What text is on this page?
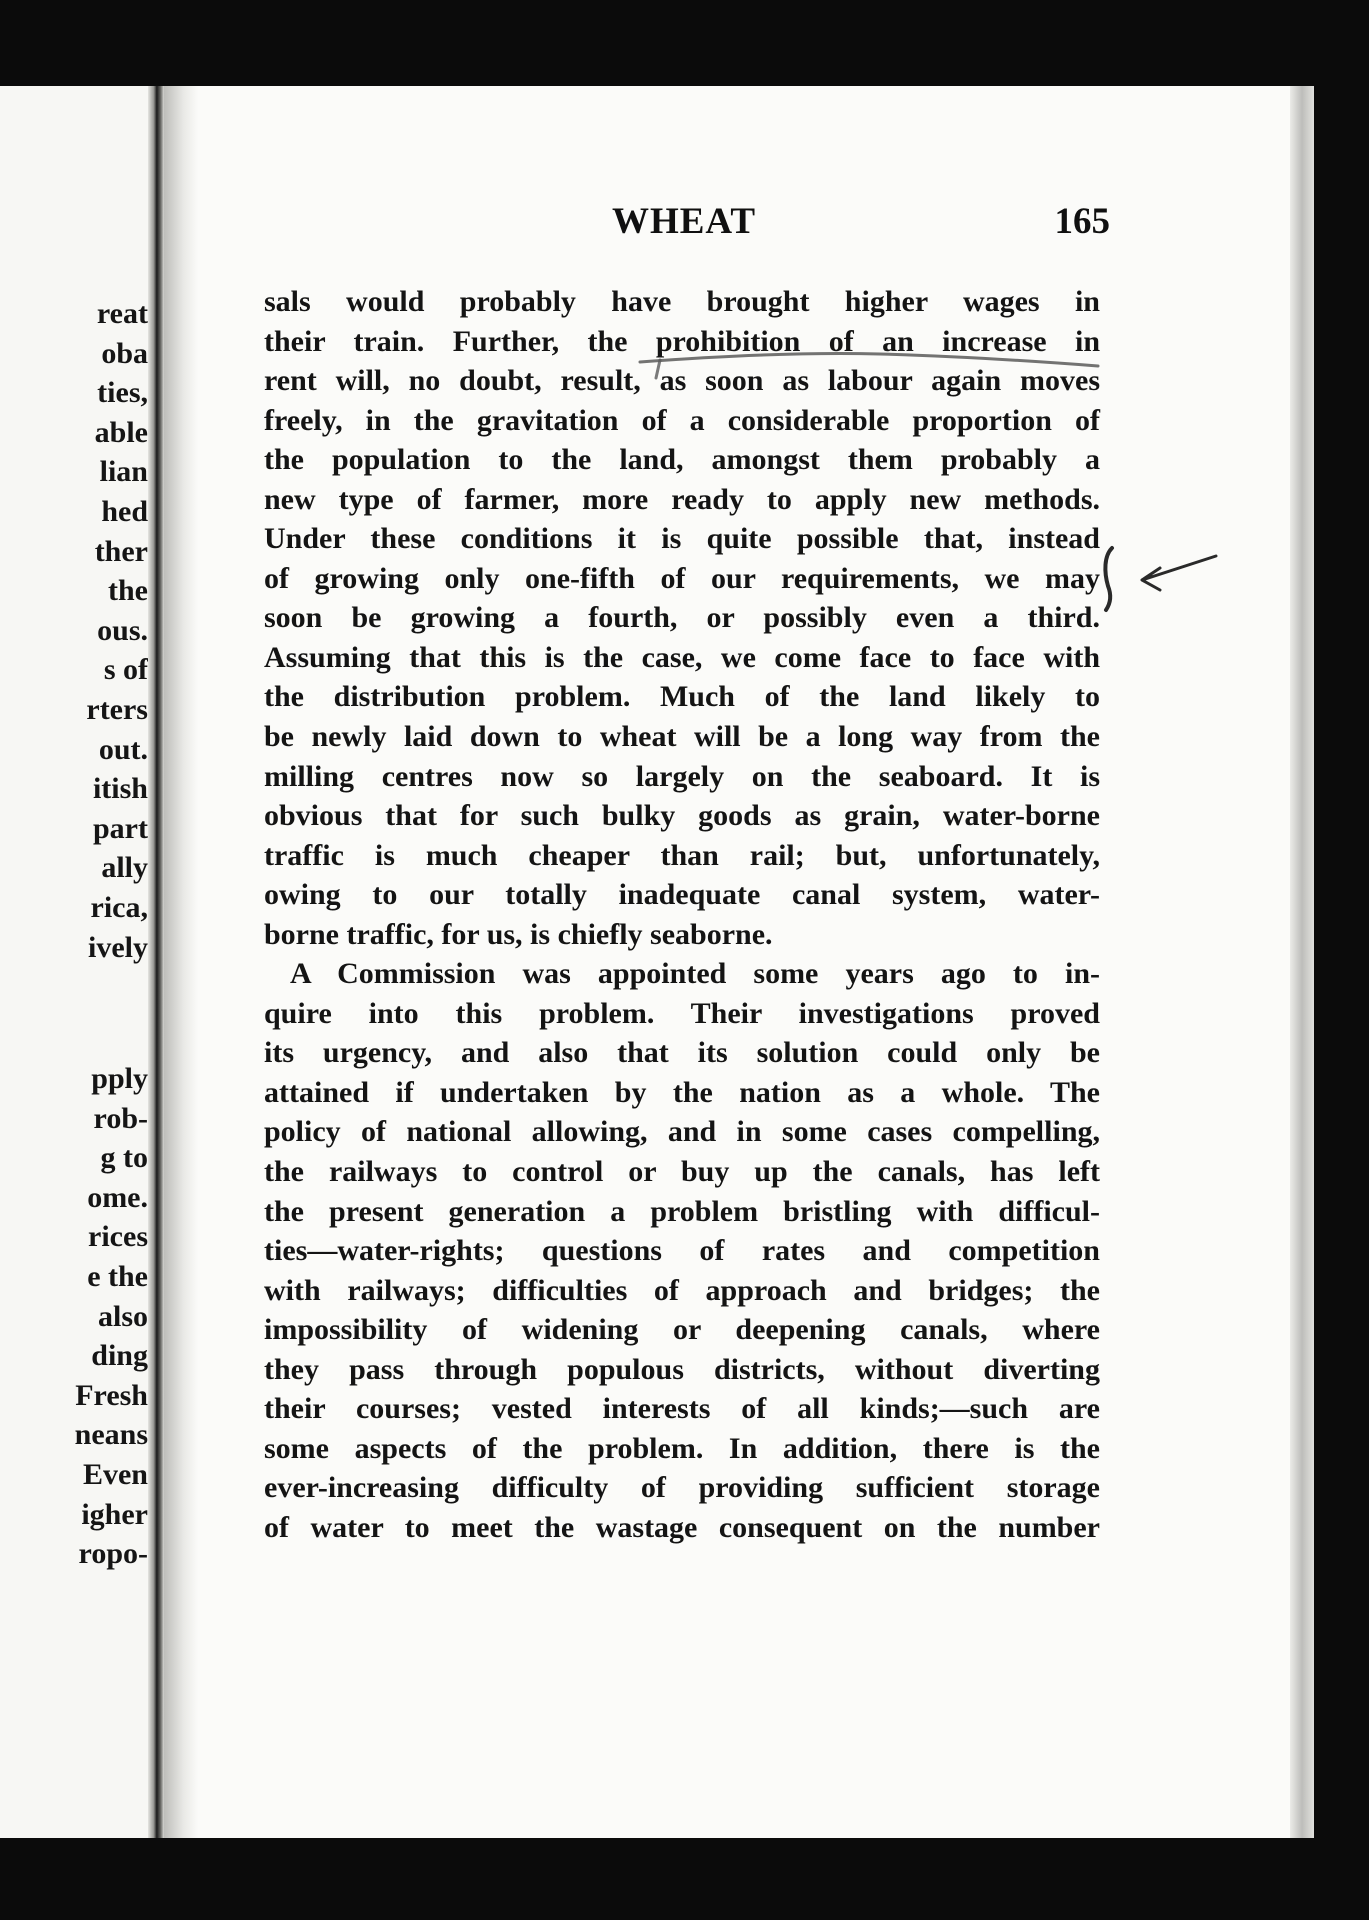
reat
oba
ties,
able
lian
hed
ther
the
ous.
s of
rters
out.
itish
part
ally
rica,
ively
pply
rob-
g to
ome.
rices
e the
also
ding
Fresh
neans
Even
igher
ropo-
WHEAT	165
sals would probably have brought higher wages in
their train. Further, the prohibition of an increase in
rent will, no doubt, result, as soon as labour again moves
freely, in the gravitation of a considerable proportion of
the population to the land, amongst them probably a
new type of farmer, more ready to apply new methods.
Under these conditions it is quite possible that, instead
of growing only one-fifth of our requirements, we may
soon be growing a fourth, or possibly even a third.
Assuming that this is the case, we come face to face with
the distribution problem. Much of the land likely to
be newly laid down to wheat will be a long way from the
milling centres now so largely on the seaboard. It is
obvious that for such bulky goods as grain, water-borne
traffic is much cheaper than rail; but, unfortunately,
owing to our totally inadequate canal system, water-
borne traffic, for us, is chiefly seaborne.
A Commission was appointed some years ago to in-
quire into this problem. Their investigations proved
its urgency, and also that its solution could only be
attained if undertaken by the nation as a whole. The
policy of national allowing, and in some cases compelling,
the railways to control or buy up the canals, has left
the present generation a problem bristling with difficul-
ties—water-rights; questions of rates and competition
with railways; difficulties of approach and bridges; the
impossibility of widening or deepening canals, where
they pass through populous districts, without diverting
their courses; vested interests of all kinds;—such are
some aspects of the problem. In addition, there is the
ever-increasing difficulty of providing sufficient storage
of water to meet the wastage consequent on the number
